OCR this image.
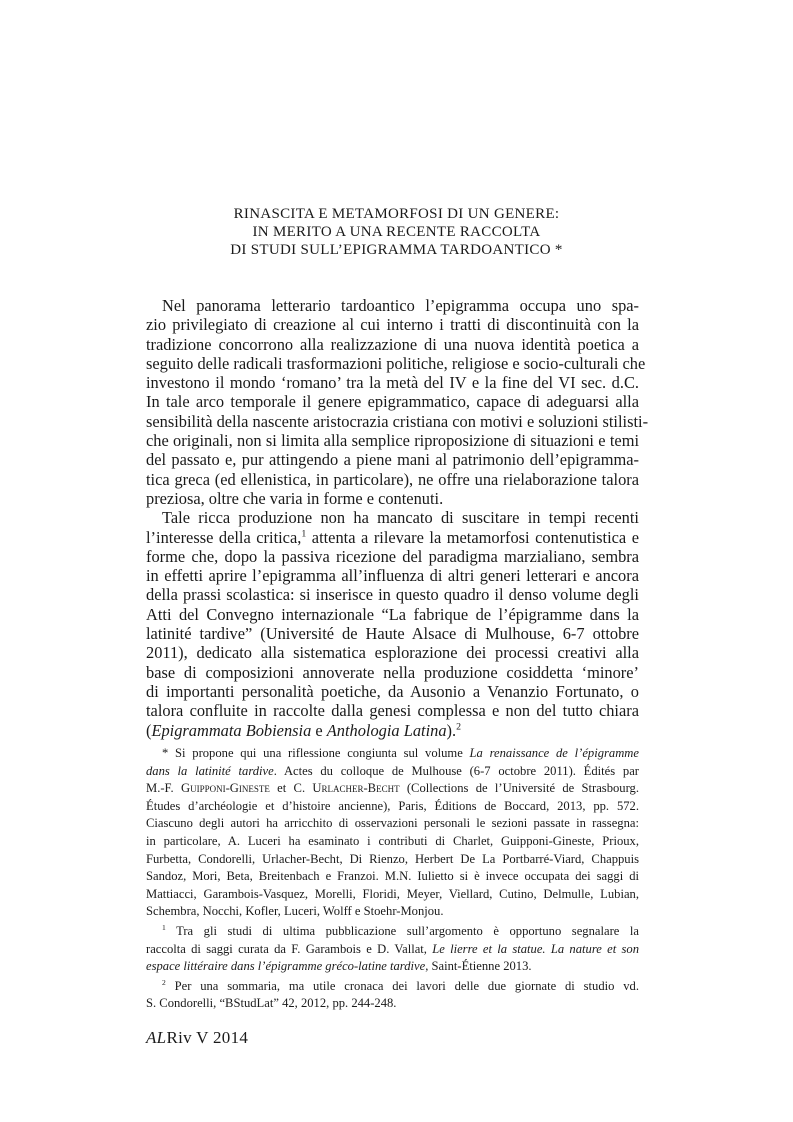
RINASCITA E METAMORFOSI DI UN GENERE:
IN MERITO A UNA RECENTE RACCOLTA
DI STUDI SULL’EPIGRAMMA TARDOANTICO *
Nel panorama letterario tardoantico l’epigramma occupa uno spa-
zio privilegiato di creazione al cui interno i tratti di discontinuità con la
tradizione concorrono alla realizzazione di una nuova identità poetica a
seguito delle radicali trasformazioni politiche, religiose e socio-culturali che
investono il mondo ‘romano’ tra la metà del IV e la fine del VI sec. d.C.
In tale arco temporale il genere epigrammatico, capace di adeguarsi alla
sensibilità della nascente aristocrazia cristiana con motivi e soluzioni stilisti-
che originali, non si limita alla semplice riproposizione di situazioni e temi
del passato e, pur attingendo a piene mani al patrimonio dell’epigramma-
tica greca (ed ellenistica, in particolare), ne offre una rielaborazione talora
preziosa, oltre che varia in forme e contenuti.
Tale ricca produzione non ha mancato di suscitare in tempi recenti
l’interesse della critica,$^1$ attenta a rilevare la metamorfosi contenutistica e
forme che, dopo la passiva ricezione del paradigma marzialiano, sembra
in effetti aprire l’epigramma all’influenza di altri generi letterari e ancora
della prassi scolastica: si inserisce in questo quadro il denso volume degli
Atti del Convegno internazionale “La fabrique de l’épigramme dans la
latinité tardive” (Université de Haute Alsace di Mulhouse, 6-7 ottobre
2011), dedicato alla sistematica esplorazione dei processi creativi alla
base di composizioni annoverate nella produzione cosiddetta ‘minore’
di importanti personalità poetiche, da Ausonio a Venanzio Fortunato, o
talora confluite in raccolte dalla genesi complessa e non del tutto chiara
(Epigrammata Bobiensia e Anthologia Latina).$^2$
* Si propone qui una riflessione congiunta sul volume La renaissance de l’épigramme
dans la latinité tardive. Actes du colloque de Mulhouse (6-7 octobre 2011). Édités par
M.-F. Guipponi-Gineste et C. Urlacher-Becht (Collections de l’Université de Strasbourg.
Études d’archéologie et d’histoire ancienne), Paris, Éditions de Boccard, 2013, pp. 572.
Ciascuno degli autori ha arricchito di osservazioni personali le sezioni passate in rassegna:
in particolare, A. Luceri ha esaminato i contributi di Charlet, Guipponi-Gineste, Prioux,
Furbetta, Condorelli, Urlacher-Becht, Di Rienzo, Herbert De La Portbarré-Viard, Chappuis
Sandoz, Mori, Beta, Breitenbach e Franzoi. M.N. Iulietto si è invece occupata dei saggi di
Mattiacci, Garambois-Vasquez, Morelli, Floridi, Meyer, Viellard, Cutino, Delmulle, Lubian,
Schembra, Nocchi, Kofler, Luceri, Wolff e Stoehr-Monjou.
$^1$ Tra gli studi di ultima pubblicazione sull’argomento è opportuno segnalare la
raccolta di saggi curata da F. Garambois e D. Vallat, Le lierre et la statue. La nature et son
espace littéraire dans l’épigramme gréco-latine tardive, Saint-Étienne 2013.
$^2$ Per una sommaria, ma utile cronaca dei lavori delle due giornate di studio vd.
S. Condorelli, “BStudLat” 42, 2012, pp. 244-248.
ALRiv V 2014
